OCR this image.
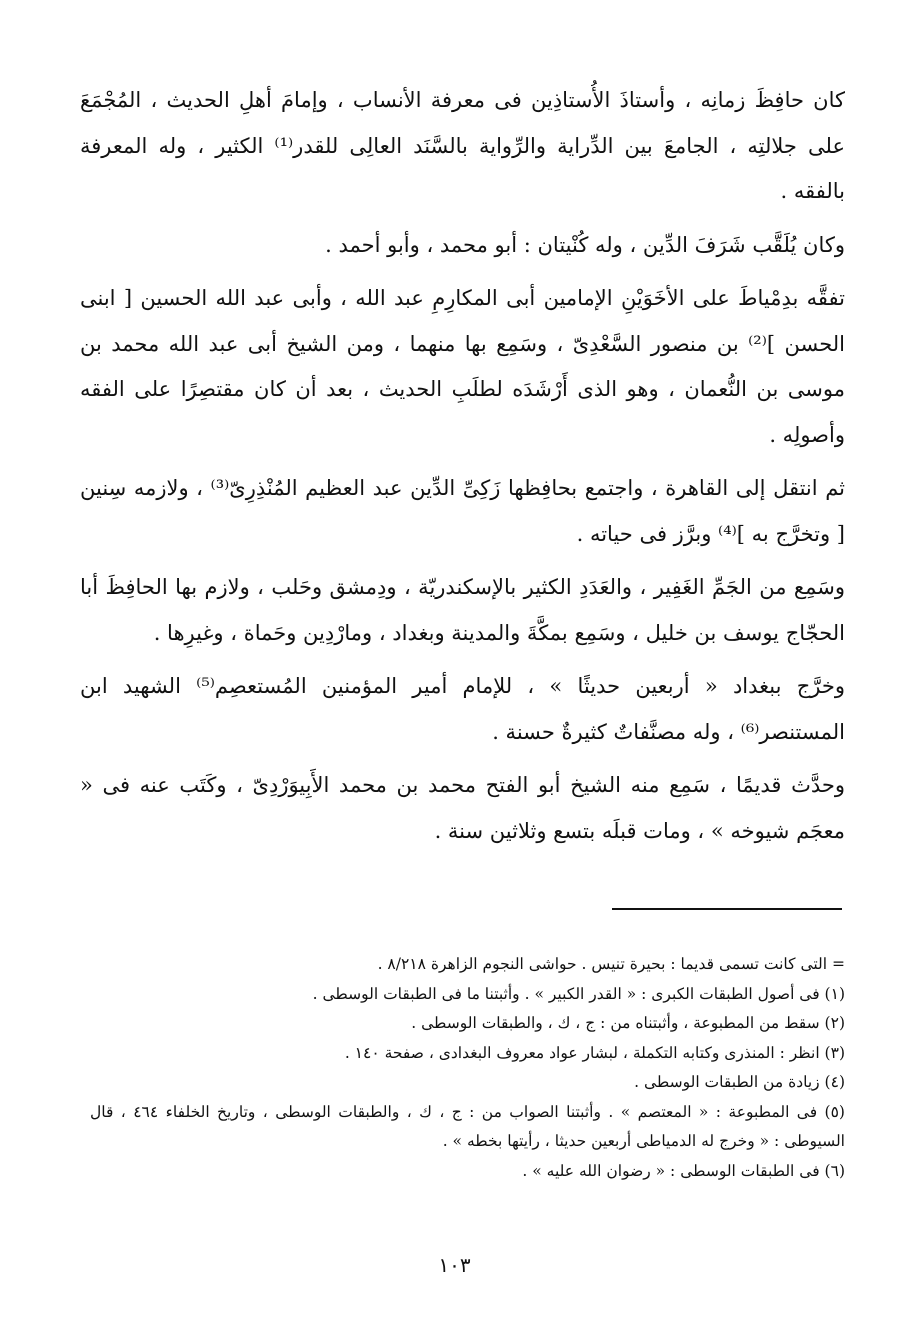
كان حافِظَ زمانِه ، وأستاذَ الأُستاذِين فى معرفة الأنساب ، وإمامَ أهلِ الحديث ، المُجْمَعَ على جلالتِه ، الجامعَ بين الدِّراية والرِّواية بالسَّنَد العالِى للقدر⁽¹⁾ الكثير ، وله المعرفة بالفقه .

وكان يُلَقَّب شَرَفَ الدِّين ، وله كُنْيتان : أبو محمد ، وأبو أحمد .

تفقَّه بدِمْياطَ على الأخَوَيْنِ الإمامين أبى المكارِمِ عبد الله ، وأبى عبد الله الحسين [ ابنى الحسن ]⁽²⁾ بن منصور السَّعْدِىّ ، وسَمِع بها منهما ، ومن الشيخ أبى عبد الله محمد بن موسى بن النُّعمان ، وهو الذى أَرْشَدَه لطلَبِ الحديث ، بعد أن كان مقتصِرًا على الفقه وأصولِه .

ثم انتقل إلى القاهرة ، واجتمع بحافِظها زَكِىِّ الدِّين عبد العظيم المُنْذِرِىّ⁽³⁾ ، ولازمه سِنين [ وتخرَّج به ]⁽⁴⁾ وبرَّز فى حياته .

وسَمِع من الجَمِّ الغَفِير ، والعَدَدِ الكثير بالإسكندريّة ، ودِمشق وحَلب ، ولازم بها الحافِظَ أبا الحجّاج يوسف بن خليل ، وسَمِع بمكَّةَ والمدينة وبغداد ، ومارْدِين وحَماة ، وغيرِها .

وخرَّج ببغداد « أربعين حديثًا » ، للإمام أمير المؤمنين المُستعصِم⁽⁵⁾ الشهيد ابن المستنصر⁽⁶⁾ ، وله مصنَّفاتٌ كثيرةٌ حسنة .

وحدَّث قديمًا ، سَمِع منه الشيخ أبو الفتح محمد بن محمد الأَبِيوَرْدِىّ ، وكَتَب عنه فى « معجَم شيوخه » ، ومات قبلَه بتسع وثلاثين سنة .

= التى كانت تسمى قديما : بحيرة تنيس . حواشى النجوم الزاهرة ٨/٢١٨ .

(١) فى أصول الطبقات الكبرى : « القدر الكبير » . وأثبتنا ما فى الطبقات الوسطى .

(٢) سقط من المطبوعة ، وأثبتناه من : ج ، ك ، والطبقات الوسطى .

(٣) انظر : المنذرى وكتابه التكملة ، لبشار عواد معروف البغدادى ، صفحة ١٤٠ .

(٤) زيادة من الطبقات الوسطى .

(٥) فى المطبوعة : « المعتصم » . وأثبتنا الصواب من : ج ، ك ، والطبقات الوسطى ، وتاريخ الخلفاء ٤٦٤ ، قال السيوطى : « وخرج له الدمياطى أربعين حديثا ، رأيتها بخطه » .

(٦) فى الطبقات الوسطى : « رضوان الله عليه » .

١٠٣
